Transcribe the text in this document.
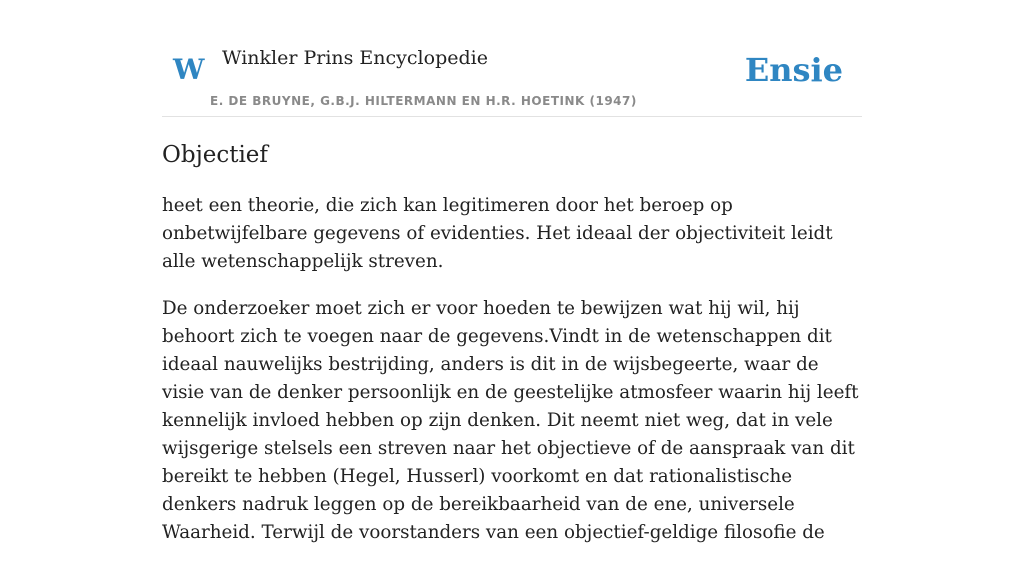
W Winkler Prins Encyclopedie
E. DE BRUYNE, G.B.J. HILTERMANN EN H.R. HOETINK (1947)
Ensie
Objectief

heet een theorie, die zich kan legitimeren door het beroep op onbetwijfelbare gegevens of evidenties. Het ideaal der objectiviteit leidt alle wetenschappelijk streven.

De onderzoeker moet zich er voor hoeden te bewijzen wat hij wil, hij behoort zich te voegen naar de gegevens.Vindt in de wetenschappen dit ideaal nauwelijks bestrijding, anders is dit in de wijsbegeerte, waar de visie van de denker persoonlijk en de geestelijke atmosfeer waarin hij leeft kennelijk invloed hebben op zijn denken. Dit neemt niet weg, dat in vele wijsgerige stelsels een streven naar het objectieve of de aanspraak van dit bereikt te hebben (Hegel, Husserl) voorkomt en dat rationalistische denkers nadruk leggen op de bereikbaarheid van de ene, universele Waarheid. Terwijl de voorstanders van een objectief-geldige filosofie de
